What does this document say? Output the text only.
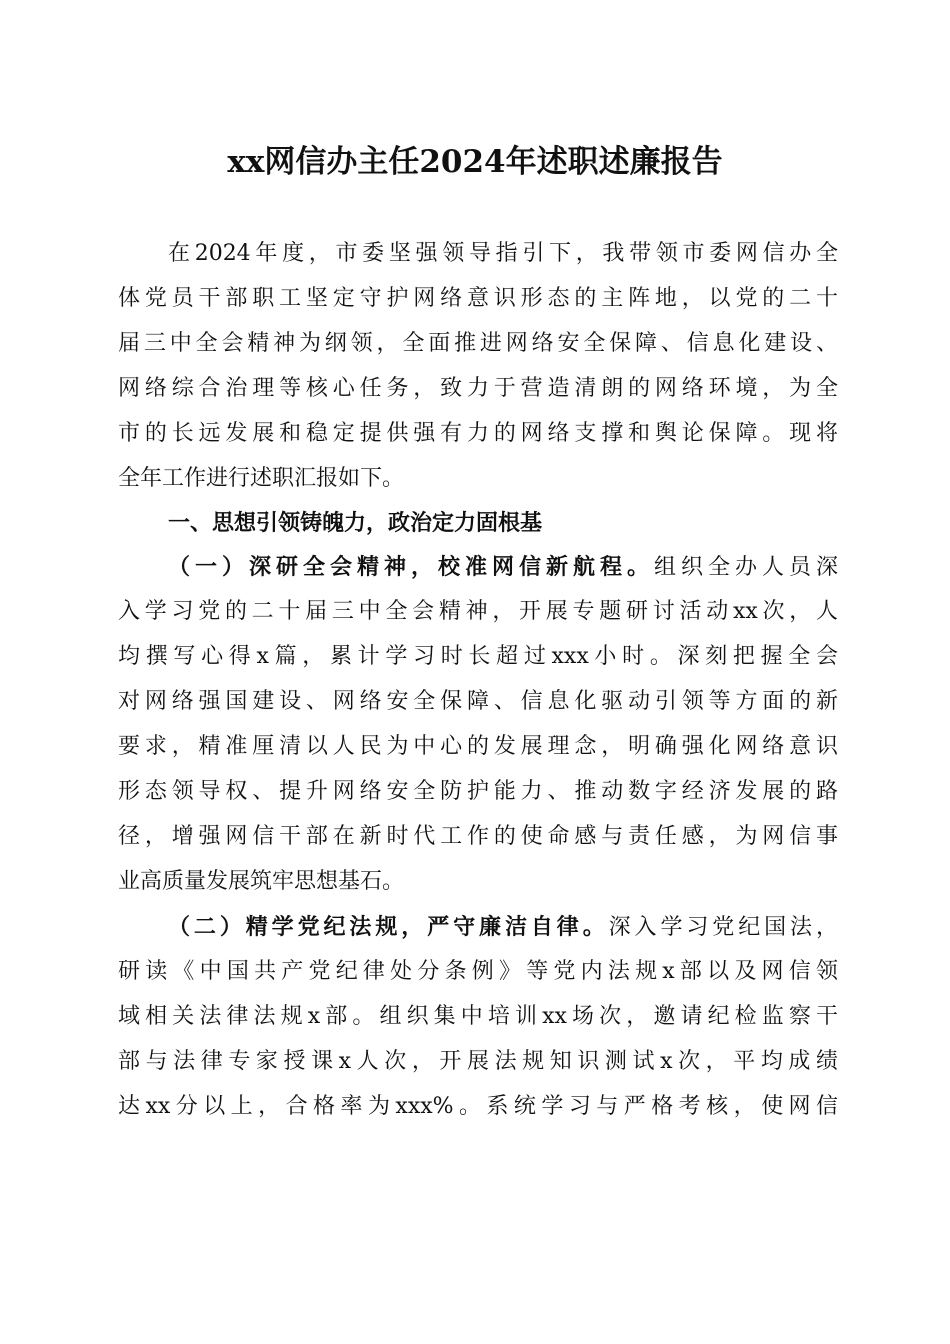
xx网信办主任2024年述职述廉报告
在2024年度，市委坚强领导指引下，我带领市委网信办全
体党员干部职工坚定守护网络意识形态的主阵地，以党的二十
届三中全会精神为纲领，全面推进网络安全保障、信息化建设、
网络综合治理等核心任务，致力于营造清朗的网络环境，为全
市的长远发展和稳定提供强有力的网络支撑和舆论保障。现将
全年工作进行述职汇报如下。
一、思想引领铸魄力，政治定力固根基
（一）深研全会精神，校准网信新航程。组织全办人员深
入学习党的二十届三中全会精神，开展专题研讨活动xx次，人
均撰写心得x篇，累计学习时长超过xxx小时。深刻把握全会
对网络强国建设、网络安全保障、信息化驱动引领等方面的新
要求，精准厘清以人民为中心的发展理念，明确强化网络意识
形态领导权、提升网络安全防护能力、推动数字经济发展的路
径，增强网信干部在新时代工作的使命感与责任感，为网信事
业高质量发展筑牢思想基石。
（二）精学党纪法规，严守廉洁自律。深入学习党纪国法，
研读《中国共产党纪律处分条例》等党内法规x部以及网信领
域相关法律法规x部。组织集中培训xx场次，邀请纪检监察干
部与法律专家授课x人次，开展法规知识测试x次，平均成绩
达xx分以上，合格率为xxx%。系统学习与严格考核，使网信
